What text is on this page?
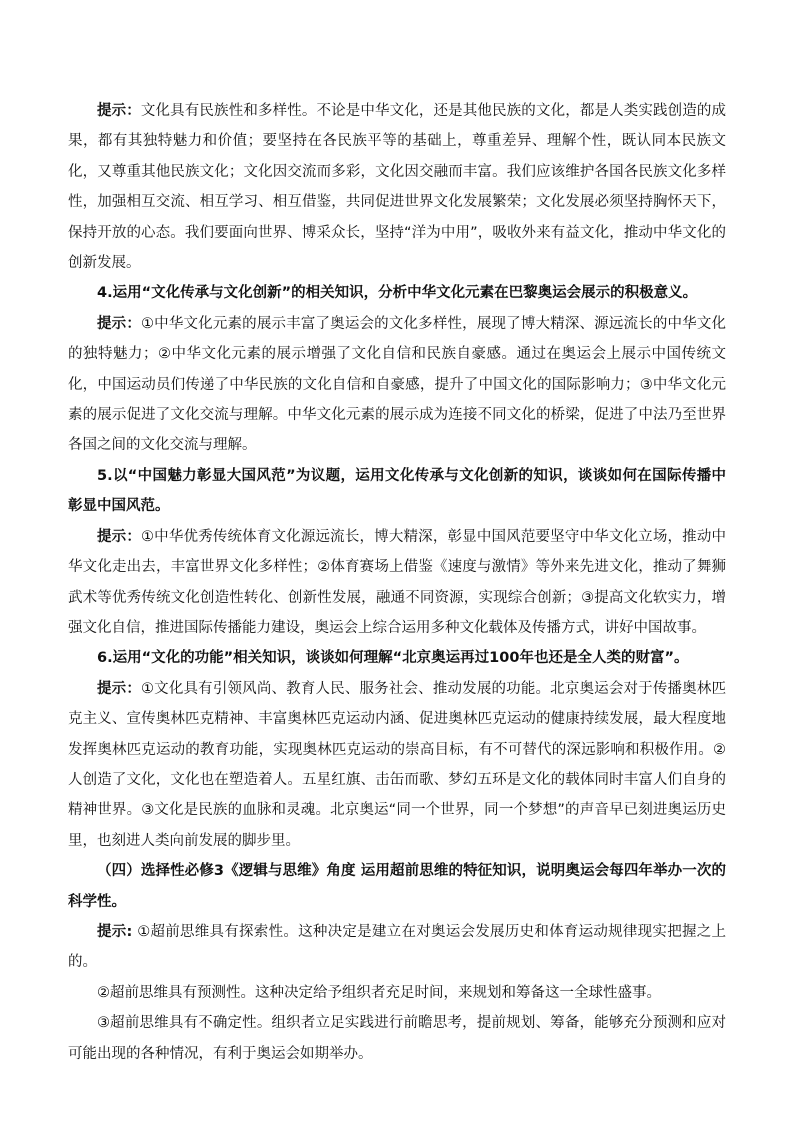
提示：文化具有民族性和多样性。不论是中华文化，还是其他民族的文化，都是人类实践创造的成果，都有其独特魅力和价值；要坚持在各民族平等的基础上，尊重差异、理解个性，既认同本民族文化，又尊重其他民族文化；文化因交流而多彩，文化因交融而丰富。我们应该维护各国各民族文化多样性，加强相互交流、相互学习、相互借鉴，共同促进世界文化发展繁荣；文化发展必须坚持胸怀天下，保持开放的心态。我们要面向世界、博采众长，坚持“洋为中用”，吸收外来有益文化，推动中华文化的创新发展。

4.运用“文化传承与文化创新”的相关知识，分析中华文化元素在巴黎奥运会展示的积极意义。

提示：①中华文化元素的展示丰富了奥运会的文化多样性，展现了博大精深、源远流长的中华文化的独特魅力；②中华文化元素的展示增强了文化自信和民族自豪感。通过在奥运会上展示中国传统文化，中国运动员们传递了中华民族的文化自信和自豪感，提升了中国文化的国际影响力；③中华文化元素的展示促进了文化交流与理解。中华文化元素的展示成为连接不同文化的桥梁，促进了中法乃至世界各国之间的文化交流与理解。

5.以“中国魅力彰显大国风范”为议题，运用文化传承与文化创新的知识，谈谈如何在国际传播中彰显中国风范。

提示：①中华优秀传统体育文化源远流长，博大精深，彰显中国风范要坚守中华文化立场，推动中华文化走出去，丰富世界文化多样性；②体育赛场上借鉴《速度与激情》等外来先进文化，推动了舞狮武术等优秀传统文化创造性转化、创新性发展，融通不同资源，实现综合创新；③提高文化软实力，增强文化自信，推进国际传播能力建设，奥运会上综合运用多种文化载体及传播方式，讲好中国故事。

6.运用“文化的功能”相关知识，谈谈如何理解“北京奥运再过100年也还是全人类的财富”。

提示：①文化具有引领风尚、教育人民、服务社会、推动发展的功能。北京奥运会对于传播奥林匹克主义、宣传奥林匹克精神、丰富奥林匹克运动内涵、促进奥林匹克运动的健康持续发展，最大程度地发挥奥林匹克运动的教育功能，实现奥林匹克运动的崇高目标，有不可替代的深远影响和积极作用。②人创造了文化，文化也在塑造着人。五星红旗、击缶而歌、梦幻五环是文化的载体同时丰富人们自身的精神世界。③文化是民族的血脉和灵魂。北京奥运“同一个世界，同一个梦想”的声音早已刻进奥运历史里，也刻进人类向前发展的脚步里。

（四）选择性必修3《逻辑与思维》角度 运用超前思维的特征知识，说明奥运会每四年举办一次的科学性。

提示: ①超前思维具有探索性。这种决定是建立在对奥运会发展历史和体育运动规律现实把握之上的。

②超前思维具有预测性。这种决定给予组织者充足时间，来规划和筹备这一全球性盛事。

③超前思维具有不确定性。组织者立足实践进行前瞻思考，提前规划、筹备，能够充分预测和应对可能出现的各种情况，有利于奥运会如期举办。
